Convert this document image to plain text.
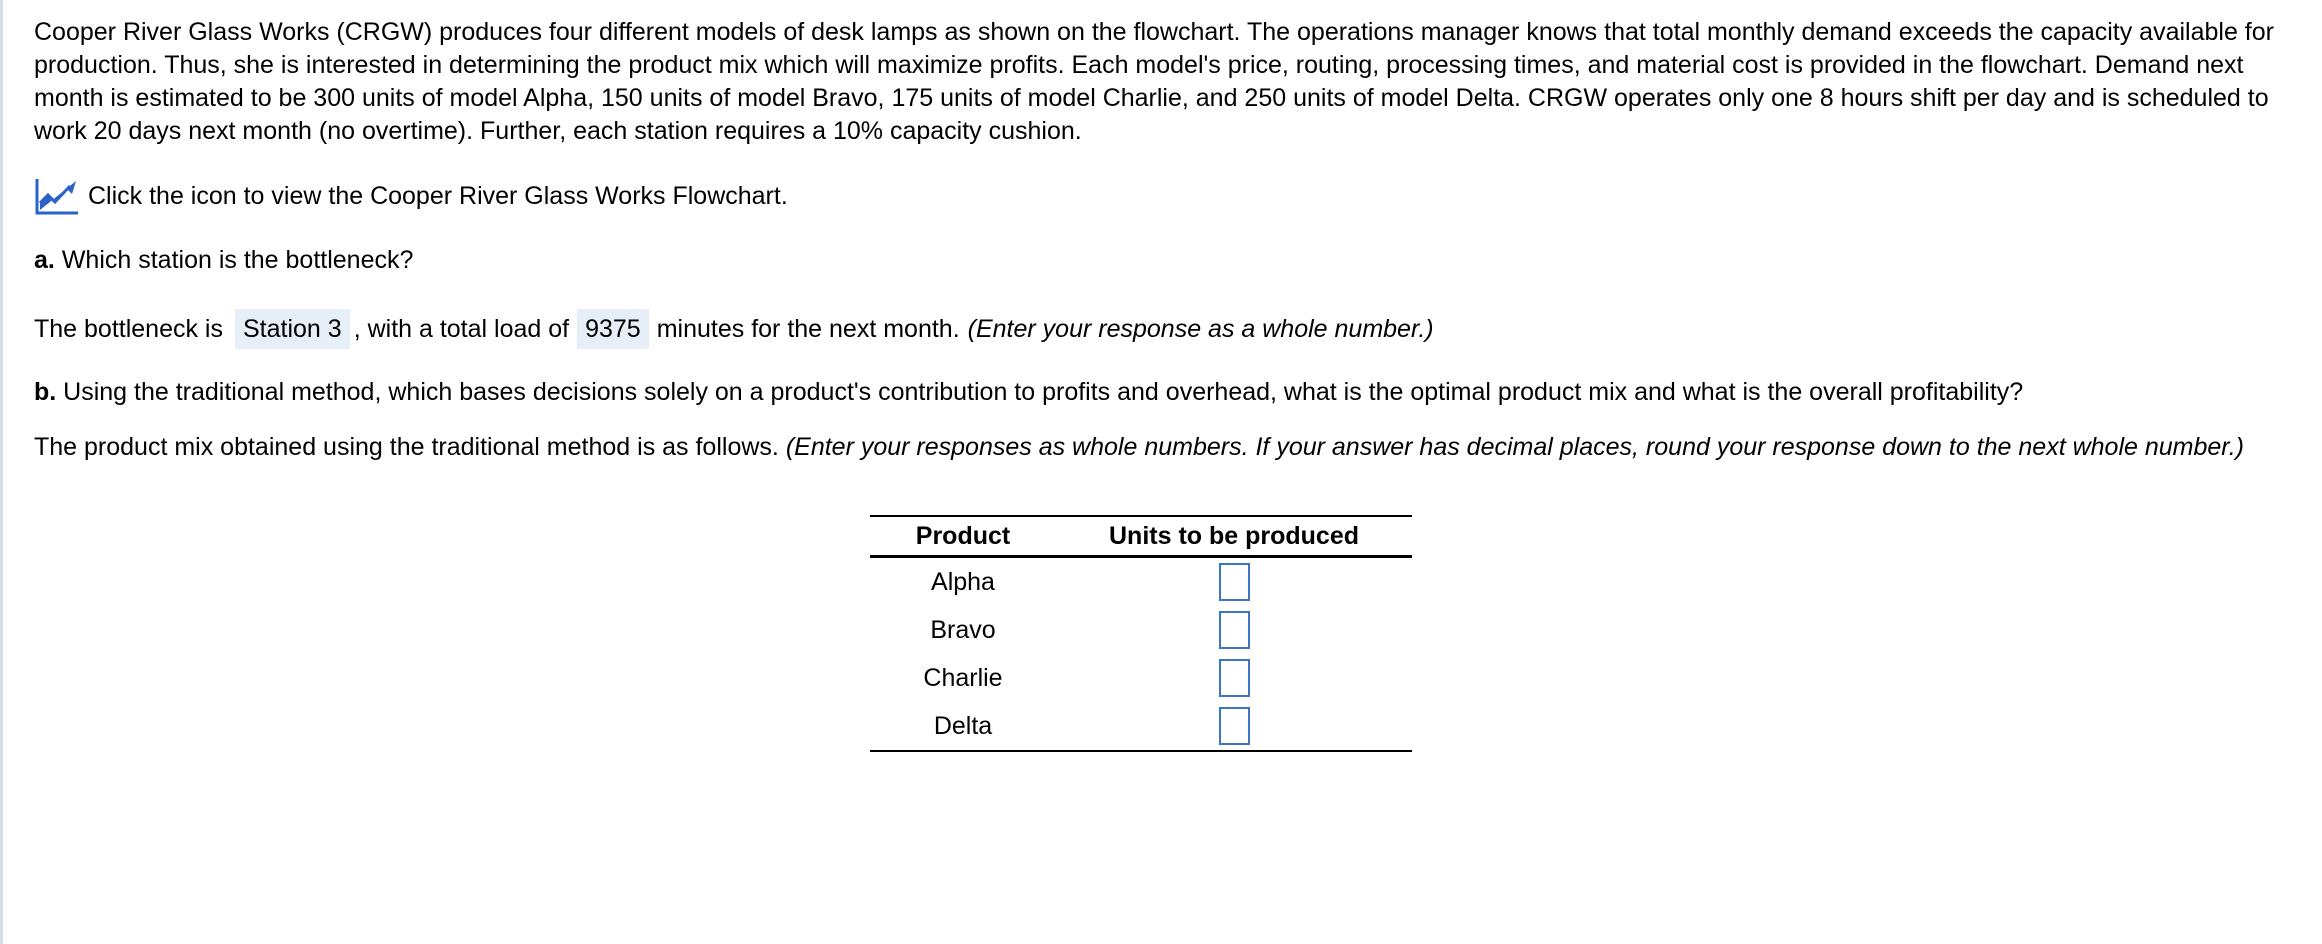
Cooper River Glass Works (CRGW) produces four different models of desk lamps as shown on the flowchart. The operations manager knows that total monthly demand exceeds the capacity available for production. Thus, she is interested in determining the product mix which will maximize profits. Each model's price, routing, processing times, and material cost is provided in the flowchart. Demand next month is estimated to be 300 units of model Alpha, 150 units of model Bravo, 175 units of model Charlie, and 250 units of model Delta. CRGW operates only one 8 hours shift per day and is scheduled to work 20 days next month (no overtime). Further, each station requires a 10% capacity cushion.

Click the icon to view the Cooper River Glass Works Flowchart.
a. Which station is the bottleneck?
The bottleneck is Station 3 , with a total load of 9375 minutes for the next month. (Enter your response as a whole number.)
b. Using the traditional method, which bases decisions solely on a product's contribution to profits and overhead, what is the optimal product mix and what is the overall profitability?
The product mix obtained using the traditional method is as follows. (Enter your responses as whole numbers. If your answer has decimal places, round your response down to the next whole number.)
Product	Units to be produced
Alpha	
Bravo	
Charlie	
Delta	
